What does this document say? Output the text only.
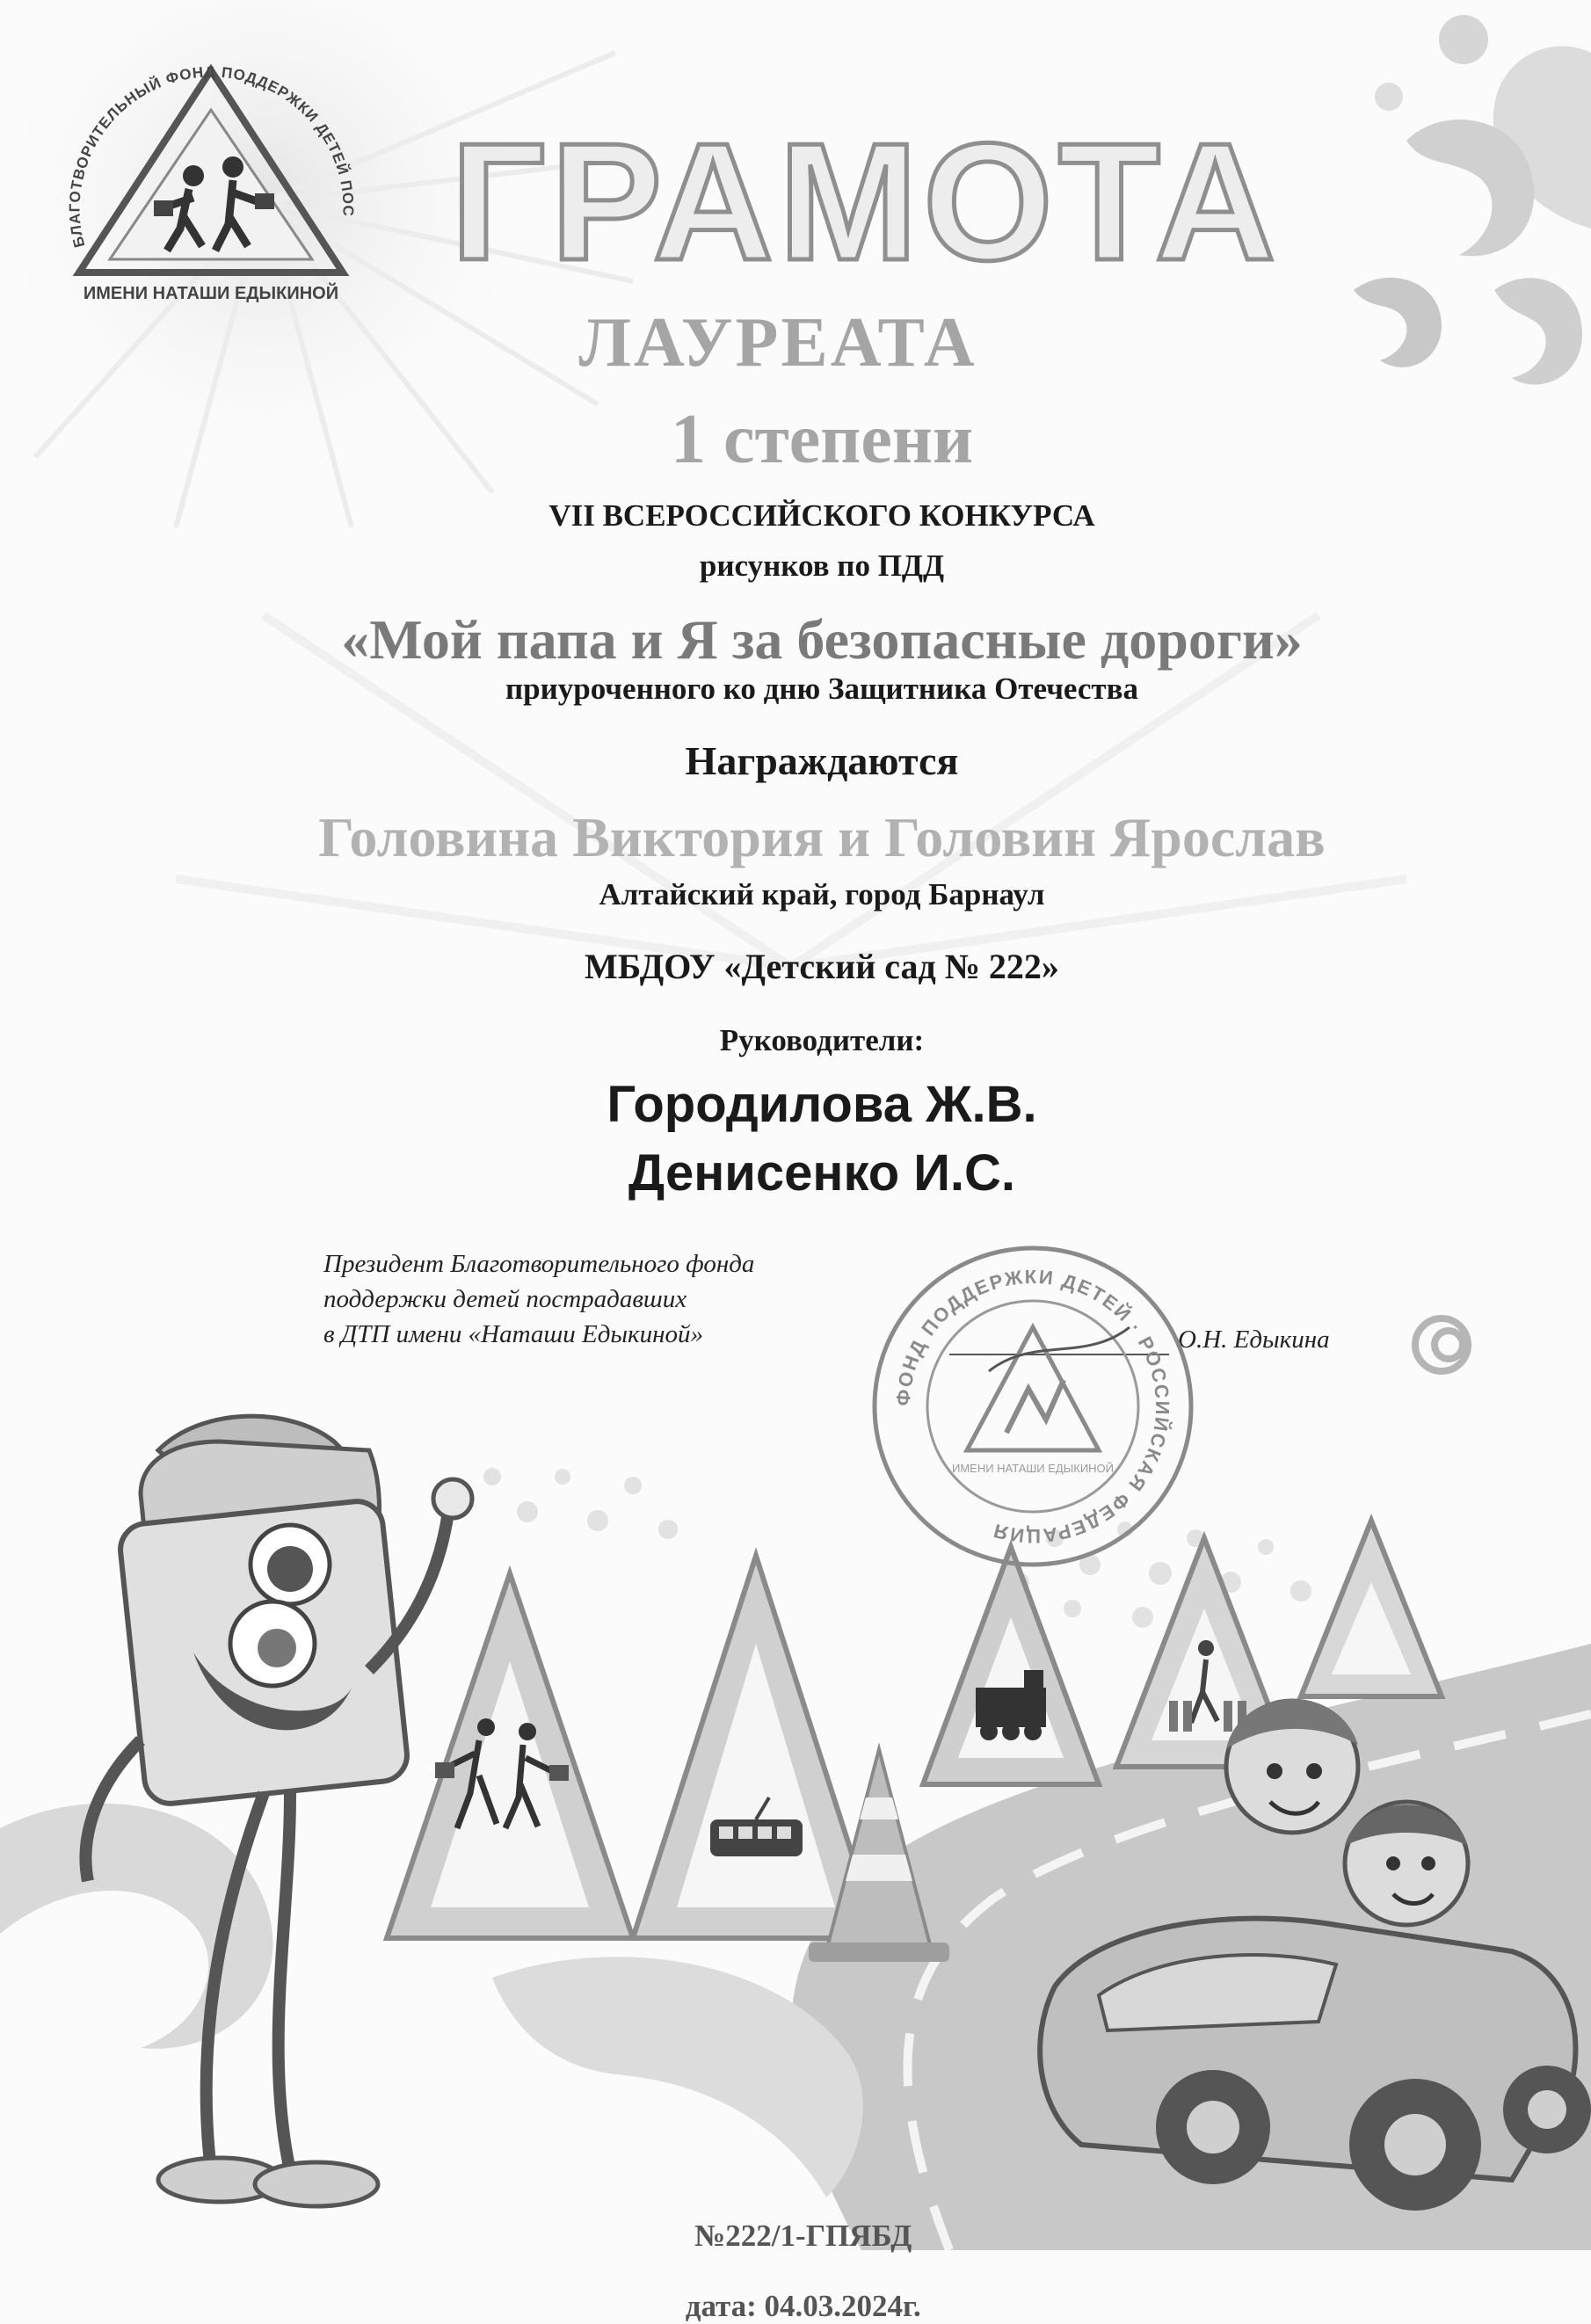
БЛАГОТВОРИТЕЛЬНЫЙ ФОНД ПОДДЕРЖКИ ДЕТЕЙ ПОС
ИМЕНИ НАТАШИ ЕДЫКИНОЙ ГРАМОТА
ЛАУРЕАТА
1 степени
VII ВСЕРОССИЙСКОГО КОНКУРСА
рисунков по ПДД
«Мой папа и Я за безопасные дороги»
приуроченного ко дню Защитника Отечества
Награждаются
Головина Виктория и Головин Ярослав
Алтайский край, город Барнаул
МБДОУ «Детский сад № 222»
Руководители:
Городилова Ж.В.
Денисенко И.С.
Президент Благотворительного фонда
поддержки детей пострадавших
в ДТП имени «Наташи Едыкиной»	О.Н. Едыкина
ФОНД ПОДДЕРЖКИ ДЕТЕЙ · РОССИЙСКАЯ ФЕДЕРАЦИЯ
ИМЕНИ НАТАШИ ЕДЫКИНОЙ

№222/1-ГПЯБД

дата: 04.03.2024г.
